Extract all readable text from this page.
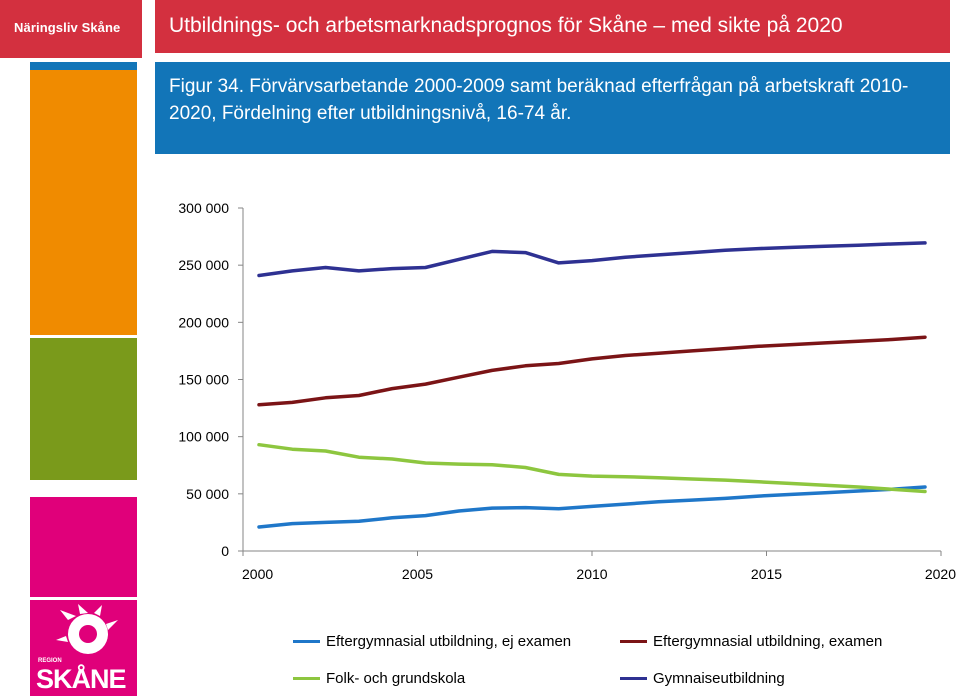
Näringsliv Skåne Utbildnings- och arbetsmarknadsprognos för Skåne – med sikte på 2020
Figur 34. Förvärvsarbetande 2000-2009 samt beräknad efterfrågan på arbetskraft 2010-2020, Fördelning efter utbildningsnivå, 16-74 år.
REGION
SKÅNE
0
50 000
100 000
150 000
200 000
250 000
300 000
2000	2005	2010	2015	2020
Eftergymnasial utbildning, ej examen	Eftergymnasial utbildning, examen
Folk- och grundskola	Gymnaiseutbildning
